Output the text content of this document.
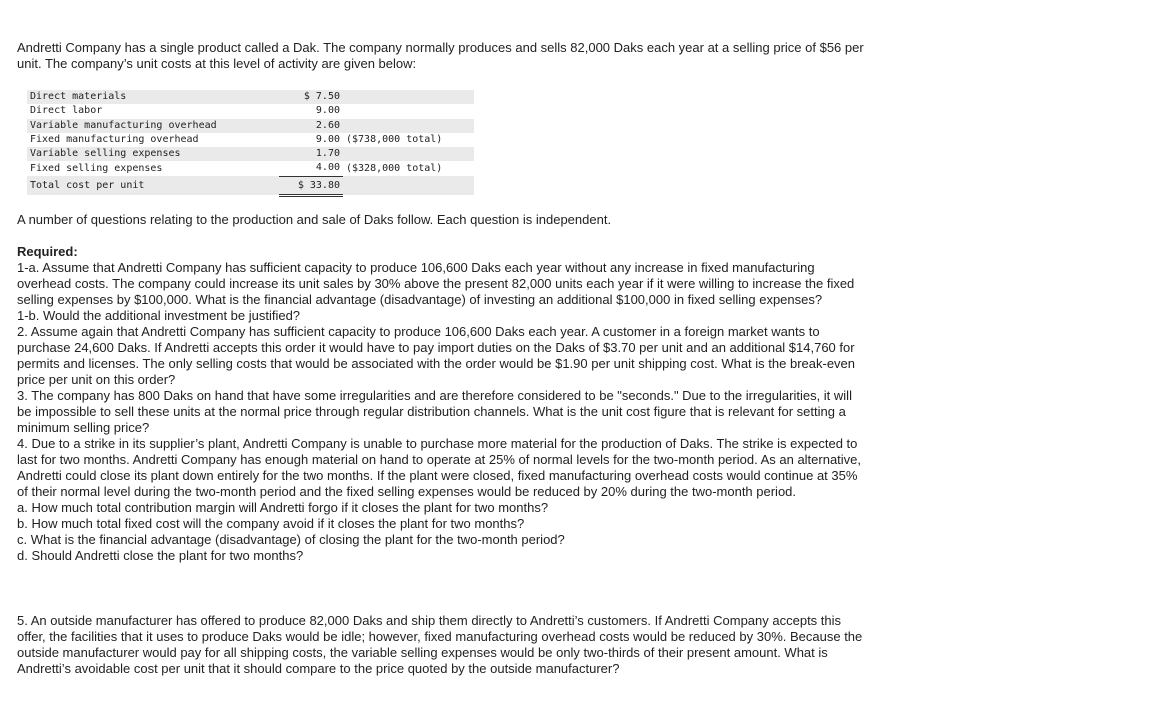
Andretti Company has a single product called a Dak. The company normally produces and sells 82,000 Daks each year at a selling price of $56 per unit. The company’s unit costs at this level of activity are given below:

Direct materials	$ 7.50	
Direct labor	9.00	
Variable manufacturing overhead	2.60	
Fixed manufacturing overhead	9.00	($738,000 total)
Variable selling expenses	1.70	
Fixed selling expenses	4.00	($328,000 total)
Total cost per unit	$ 33.80	

A number of questions relating to the production and sale of Daks follow. Each question is independent.

Required:

1-a. Assume that Andretti Company has sufficient capacity to produce 106,600 Daks each year without any increase in fixed manufacturing overhead costs. The company could increase its unit sales by 30% above the present 82,000 units each year if it were willing to increase the fixed selling expenses by $100,000. What is the financial advantage (disadvantage) of investing an additional $100,000 in fixed selling expenses?

1-b. Would the additional investment be justified?

2. Assume again that Andretti Company has sufficient capacity to produce 106,600 Daks each year. A customer in a foreign market wants to purchase 24,600 Daks. If Andretti accepts this order it would have to pay import duties on the Daks of $3.70 per unit and an additional $14,760 for permits and licenses. The only selling costs that would be associated with the order would be $1.90 per unit shipping cost. What is the break-even price per unit on this order?

3. The company has 800 Daks on hand that have some irregularities and are therefore considered to be "seconds." Due to the irregularities, it will be impossible to sell these units at the normal price through regular distribution channels. What is the unit cost figure that is relevant for setting a minimum selling price?

4. Due to a strike in its supplier’s plant, Andretti Company is unable to purchase more material for the production of Daks. The strike is expected to last for two months. Andretti Company has enough material on hand to operate at 25% of normal levels for the two-month period. As an alternative, Andretti could close its plant down entirely for the two months. If the plant were closed, fixed manufacturing overhead costs would continue at 35% of their normal level during the two-month period and the fixed selling expenses would be reduced by 20% during the two-month period.

a. How much total contribution margin will Andretti forgo if it closes the plant for two months?

b. How much total fixed cost will the company avoid if it closes the plant for two months?

c. What is the financial advantage (disadvantage) of closing the plant for the two-month period?

d. Should Andretti close the plant for two months?

5. An outside manufacturer has offered to produce 82,000 Daks and ship them directly to Andretti’s customers. If Andretti Company accepts this offer, the facilities that it uses to produce Daks would be idle; however, fixed manufacturing overhead costs would be reduced by 30%. Because the outside manufacturer would pay for all shipping costs, the variable selling expenses would be only two-thirds of their present amount. What is Andretti’s avoidable cost per unit that it should compare to the price quoted by the outside manufacturer?
